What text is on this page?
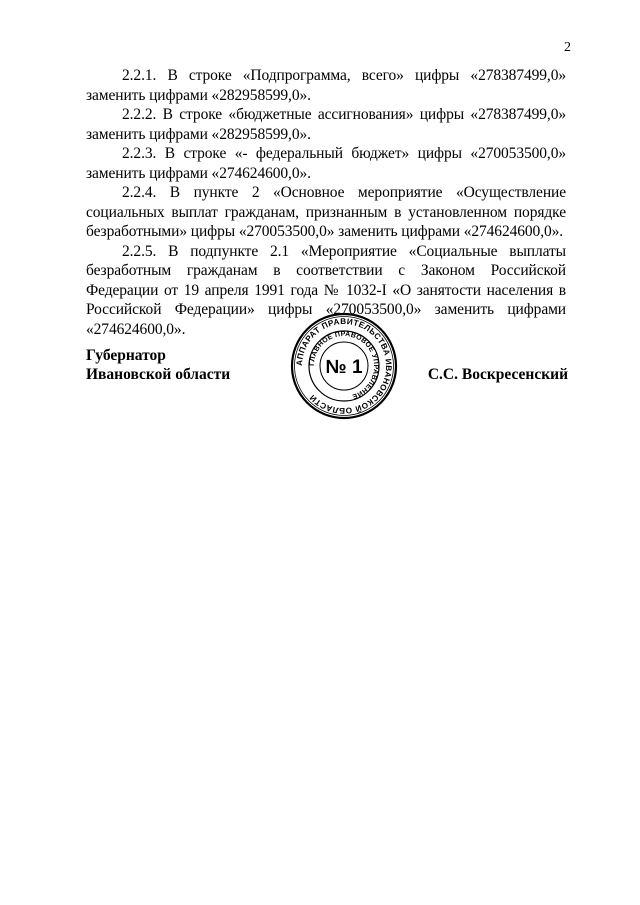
2

2.2.1. В строке «Подпрограмма, всего» цифры «278387499,0» заменить цифрами «282958599,0».

2.2.2. В строке «бюджетные ассигнования» цифры «278387499,0» заменить цифрами «282958599,0».

2.2.3. В строке «- федеральный бюджет» цифры «270053500,0» заменить цифрами «274624600,0».

2.2.4. В пункте 2 «Основное мероприятие «Осуществление социальных выплат гражданам, признанным в установленном порядке безработными» цифры «270053500,0» заменить цифрами «274624600,0».

2.2.5. В подпункте 2.1 «Мероприятие «Социальные выплаты безработным гражданам в соответствии с Законом Российской Федерации от 19 апреля 1991 года № 1032-I «О занятости населения в Российской Федерации» цифры «270053500,0» заменить цифрами «274624600,0».

Губернатор
Ивановской области
АППАРАТ ПРАВИТЕЛЬСТВА ИВАНОВСКОЙ ОБЛАСТИ
ГЛАВНОЕ ПРАВОВОЕ УПРАВЛЕНИЕ
№ 1	С.С. Воскресенский
